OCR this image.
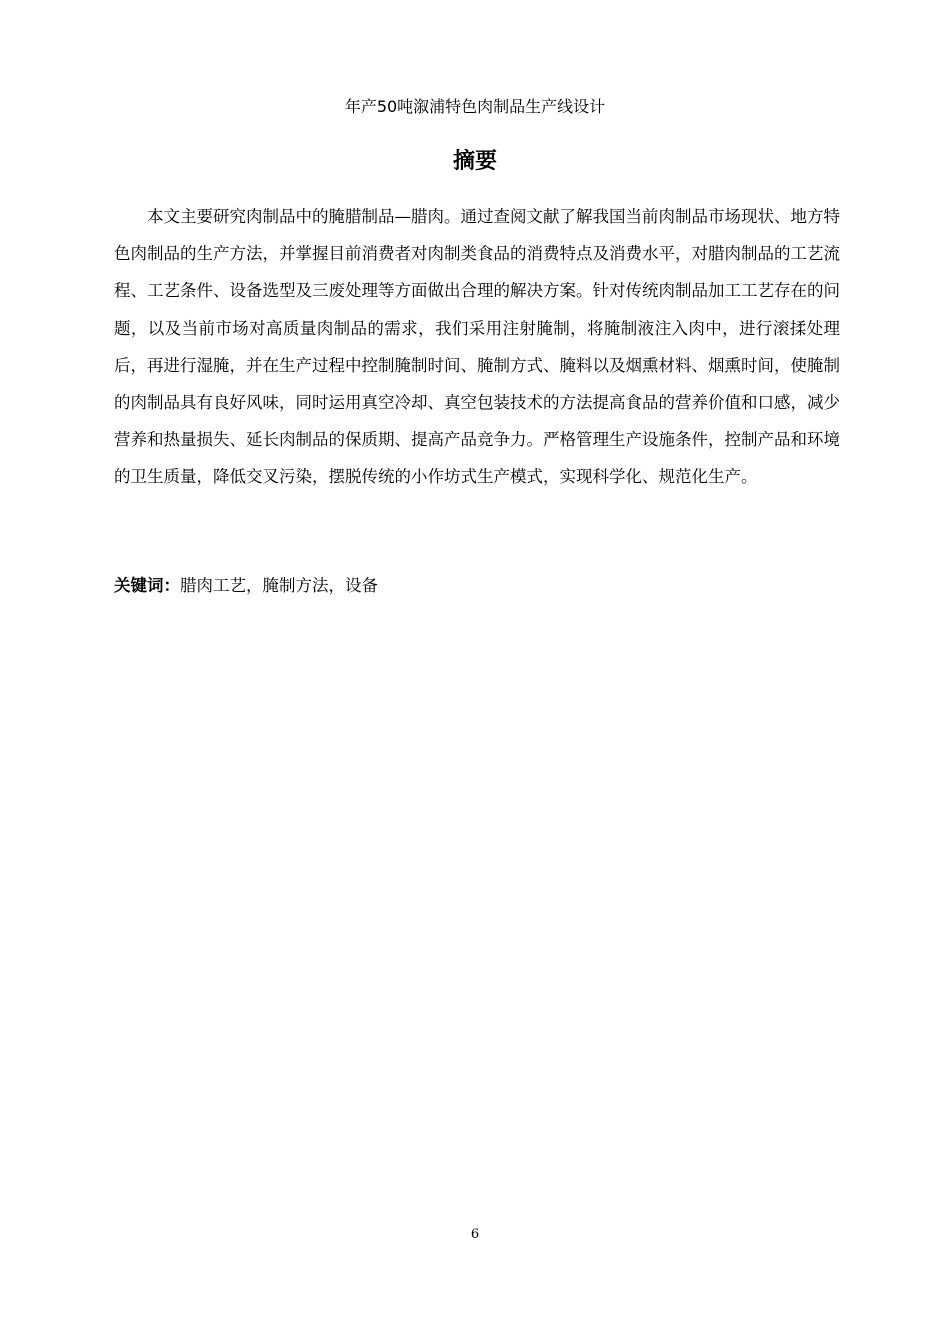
年产50吨溆浦特色肉制品生产线设计
摘要

本文主要研究肉制品中的腌腊制品—腊肉。通过查阅文献了解我国当前肉制品市场现状、地方特色肉制品的生产方法，并掌握目前消费者对肉制类食品的消费特点及消费水平，对腊肉制品的工艺流程、工艺条件、设备选型及三废处理等方面做出合理的解决方案。针对传统肉制品加工工艺存在的问题，以及当前市场对高质量肉制品的需求，我们采用注射腌制，将腌制液注入肉中，进行滚揉处理后，再进行湿腌，并在生产过程中控制腌制时间、腌制方式、腌料以及烟熏材料、烟熏时间，使腌制的肉制品具有良好风味，同时运用真空冷却、真空包装技术的方法提高食品的营养价值和口感，减少营养和热量损失、延长肉制品的保质期、提高产品竞争力。严格管理生产设施条件，控制产品和环境的卫生质量，降低交叉污染，摆脱传统的小作坊式生产模式，实现科学化、规范化生产。

关键词：腊肉工艺，腌制方法，设备
6
